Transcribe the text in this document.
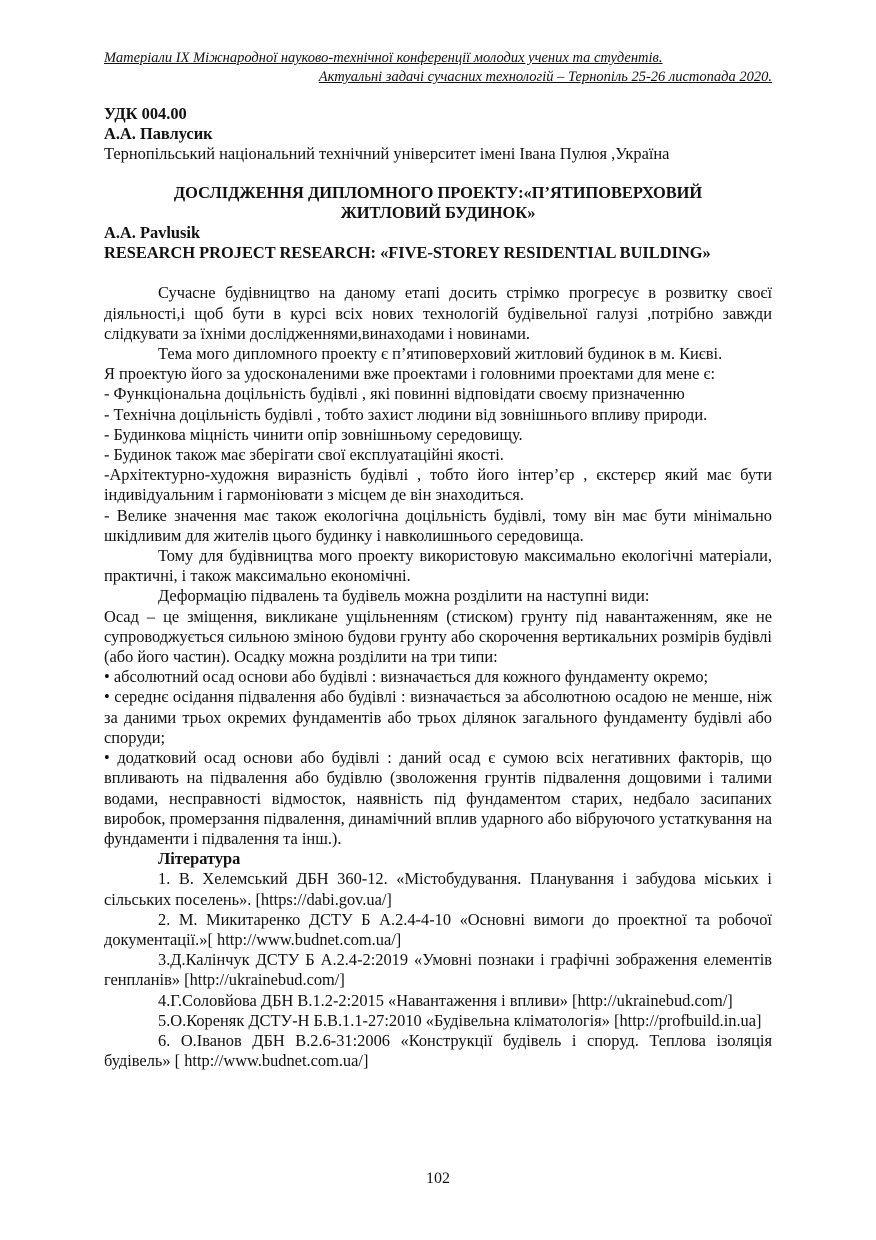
Матеріали IX Міжнародної науково-технічної конференції молодих учених та студентів.
Актуальні задачі сучасних технологій – Тернопіль 25-26 листопада 2020.
УДК 004.00
А.А. Павлусик
Тернопільський національний технічний університет імені Івана Пулюя ,Україна
ДОСЛІДЖЕННЯ ДИПЛОМНОГО ПРОЕКТУ:«П’ЯТИПОВЕРХОВИЙ ЖИТЛОВИЙ БУДИНОК»
A.A. Pavlusik
RESEARCH PROJECT RESEARCH: «FIVE-STOREY RESIDENTIAL BUILDING»
Сучасне будівництво на даному етапі досить стрімко прогресує в розвитку своєї діяльності,і щоб бути в курсі всіх нових технологій будівельної галузі ,потрібно завжди слідкувати за їхніми дослідженнями,винаходами і новинами.
Тема мого дипломного проекту є п’ятиповерховий житловий будинок в м. Києві.
Я проектую його за удосконаленими вже проектами і головними проектами для мене є:
- Функціональна доцільність будівлі , які повинні відповідати своєму призначенню
- Технічна доцільність будівлі , тобто захист людини від зовнішнього впливу природи.
- Будинкова міцність чинити опір зовнішньому середовищу.
- Будинок також має зберігати свої експлуатаційні якості.
-Архітектурно-художня виразність будівлі , тобто його інтер’єр , єкстерєр який має бути індивідуальним і гармоніювати з місцем де він знаходиться.
- Велике значення має також екологічна доцільність будівлі, тому він має бути мінімально шкідливим для жителів цього будинку і навколишнього середовища.
Тому для будівництва мого проекту використовую максимально екологічні матеріали, практичні, і також максимально економічні.
Деформацію підвалень та будівель можна розділити на наступні види:
Осад – це зміщення, викликане ущільненням (стиском) грунту під навантаженням, яке не супроводжується сильною зміною будови грунту або скорочення вертикальних розмірів будівлі (або його частин). Осадку можна розділити на три типи:
• абсолютний осад основи або будівлі : визначається для кожного фундаменту окремо;
• середнє осідання підвалення або будівлі : визначається за абсолютною осадою не менше, ніж за даними трьох окремих фундаментів або трьох ділянок загального фундаменту будівлі або споруди;
• додатковий осад основи або будівлі : даний осад є сумою всіх негативних факторів, що впливають на підвалення або будівлю (зволоження грунтів підвалення дощовими і талими водами, несправності відмосток, наявність під фундаментом старих, недбало засипаних виробок, промерзання підвалення, динамічний вплив ударного або вібруючого устаткування на фундаменти і підвалення та інш.).
Література
1. В. Хелемський ДБН 360-12. «Містобудування. Планування і забудова міських і сільських поселень». [https://dabi.gov.ua/]
2. М. Микитаренко ДСТУ Б А.2.4-4-10 «Основні вимоги до проектної та робочої документації.»[ http://www.budnet.com.ua/]
3.Д.Калінчук ДСТУ Б А.2.4-2:2019 «Умовні познаки і графічні зображення елементів генпланів» [http://ukrainebud.com/]
4.Г.Соловйова ДБН В.1.2-2:2015 «Навантаження і впливи» [http://ukrainebud.com/]
5.О.Кореняк ДСТУ-Н Б.В.1.1-27:2010 «Будівельна кліматологія» [http://profbuild.in.ua]
6. О.Іванов ДБН В.2.6-31:2006 «Конструкції будівель і споруд. Теплова ізоляція будівель» [ http://www.budnet.com.ua/]
102
